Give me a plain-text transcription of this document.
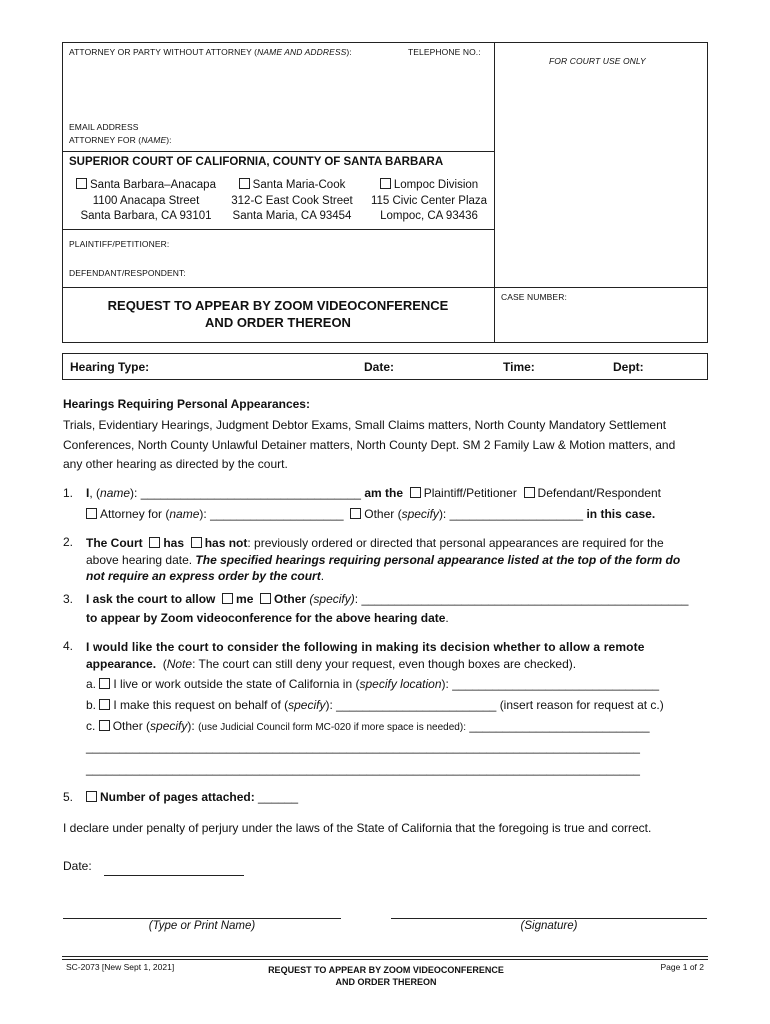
ATTORNEY OR PARTY WITHOUT ATTORNEY (NAME AND ADDRESS):	TELEPHONE NO.:
FOR COURT USE ONLY
EMAIL ADDRESS
ATTORNEY FOR (NAME):
SUPERIOR COURT OF CALIFORNIA, COUNTY OF SANTA BARBARA
Santa Barbara–Anacapa
1100 Anacapa Street
Santa Barbara, CA 93101
Santa Maria-Cook
312-C East Cook Street
Santa Maria, CA 93454
Lompoc Division
115 Civic Center Plaza
Lompoc, CA 93436
PLAINTIFF/PETITIONER:
DEFENDANT/RESPONDENT:
REQUEST TO APPEAR BY ZOOM VIDEOCONFERENCE
AND ORDER THEREON
CASE NUMBER:
Hearing Type:	Date:	Time:	Dept:
Hearings Requiring Personal Appearances:
Trials, Evidentiary Hearings, Judgment Debtor Exams, Small Claims matters, North County Mandatory Settlement
Conferences, North County Unlawful Detainer matters, North County Dept. SM 2 Family Law & Motion matters, and
any other hearing as directed by the court.
1. I, (name): _________________________________ am the Plaintiff/Petitioner Defendant/Respondent
Attorney for (name): ____________________ Other (specify): ____________________ in this case.
2. The Court has has not: previously ordered or directed that personal appearances are required for the
above hearing date. The specified hearings requiring personal appearance listed at the top of the form do
not require an express order by the court.
3. I ask the court to allow me Other (specify): _________________________________________________
to appear by Zoom videoconference for the above hearing date.
4. I would like the court to consider the following in making its decision whether to allow a remote
appearance. (Note: The court can still deny your request, even though boxes are checked).
a. I live or work outside the state of California in (specify location): _______________________________
b. I make this request on behalf of (specify): ________________________ (insert reason for request at c.)
c. Other (specify): (use Judicial Council form MC-020 if more space is needed): ___________________________
___________________________________________________________________________________
___________________________________________________________________________________
5.	Number of pages attached: ______
I declare under penalty of perjury under the laws of the State of California that the foregoing is true and correct.
Date:
(Type or Print Name)	(Signature)
SC-2073 [New Sept 1, 2021]	REQUEST TO APPEAR BY ZOOM VIDEOCONFERENCE
AND ORDER THEREON
Page 1 of 2
